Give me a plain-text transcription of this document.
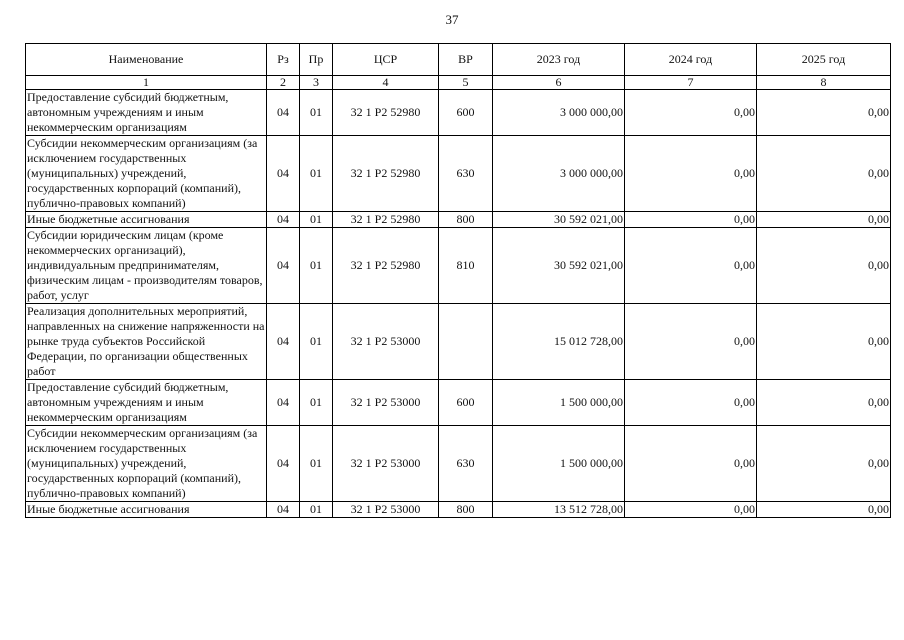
37
Наименование	Рз	Пр	ЦСР	ВР	2023 год	2024 год	2025 год
1	2	3	4	5	6	7	8
Предоставление субсидий бюджетным, автономным учреждениям и иным некоммерческим организациям	04	01	32 1 Р2 52980	600	3 000 000,00	0,00	0,00
Субсидии некоммерческим организациям (за исключением государственных (муниципальных) учреждений, государственных корпораций (компаний), публично-правовых компаний)	04	01	32 1 Р2 52980	630	3 000 000,00	0,00	0,00
Иные бюджетные ассигнования	04	01	32 1 Р2 52980	800	30 592 021,00	0,00	0,00
Субсидии юридическим лицам (кроме некоммерческих организаций), индивидуальным предпринимателям, физическим лицам - производителям товаров, работ, услуг	04	01	32 1 Р2 52980	810	30 592 021,00	0,00	0,00
Реализация дополнительных мероприятий, направленных на снижение напряженности на рынке труда субъектов Российской Федерации, по организации общественных работ	04	01	32 1 Р2 53000		15 012 728,00	0,00	0,00
Предоставление субсидий бюджетным, автономным учреждениям и иным некоммерческим организациям	04	01	32 1 Р2 53000	600	1 500 000,00	0,00	0,00
Субсидии некоммерческим организациям (за исключением государственных (муниципальных) учреждений, государственных корпораций (компаний), публично-правовых компаний)	04	01	32 1 Р2 53000	630	1 500 000,00	0,00	0,00
Иные бюджетные ассигнования	04	01	32 1 Р2 53000	800	13 512 728,00	0,00	0,00
